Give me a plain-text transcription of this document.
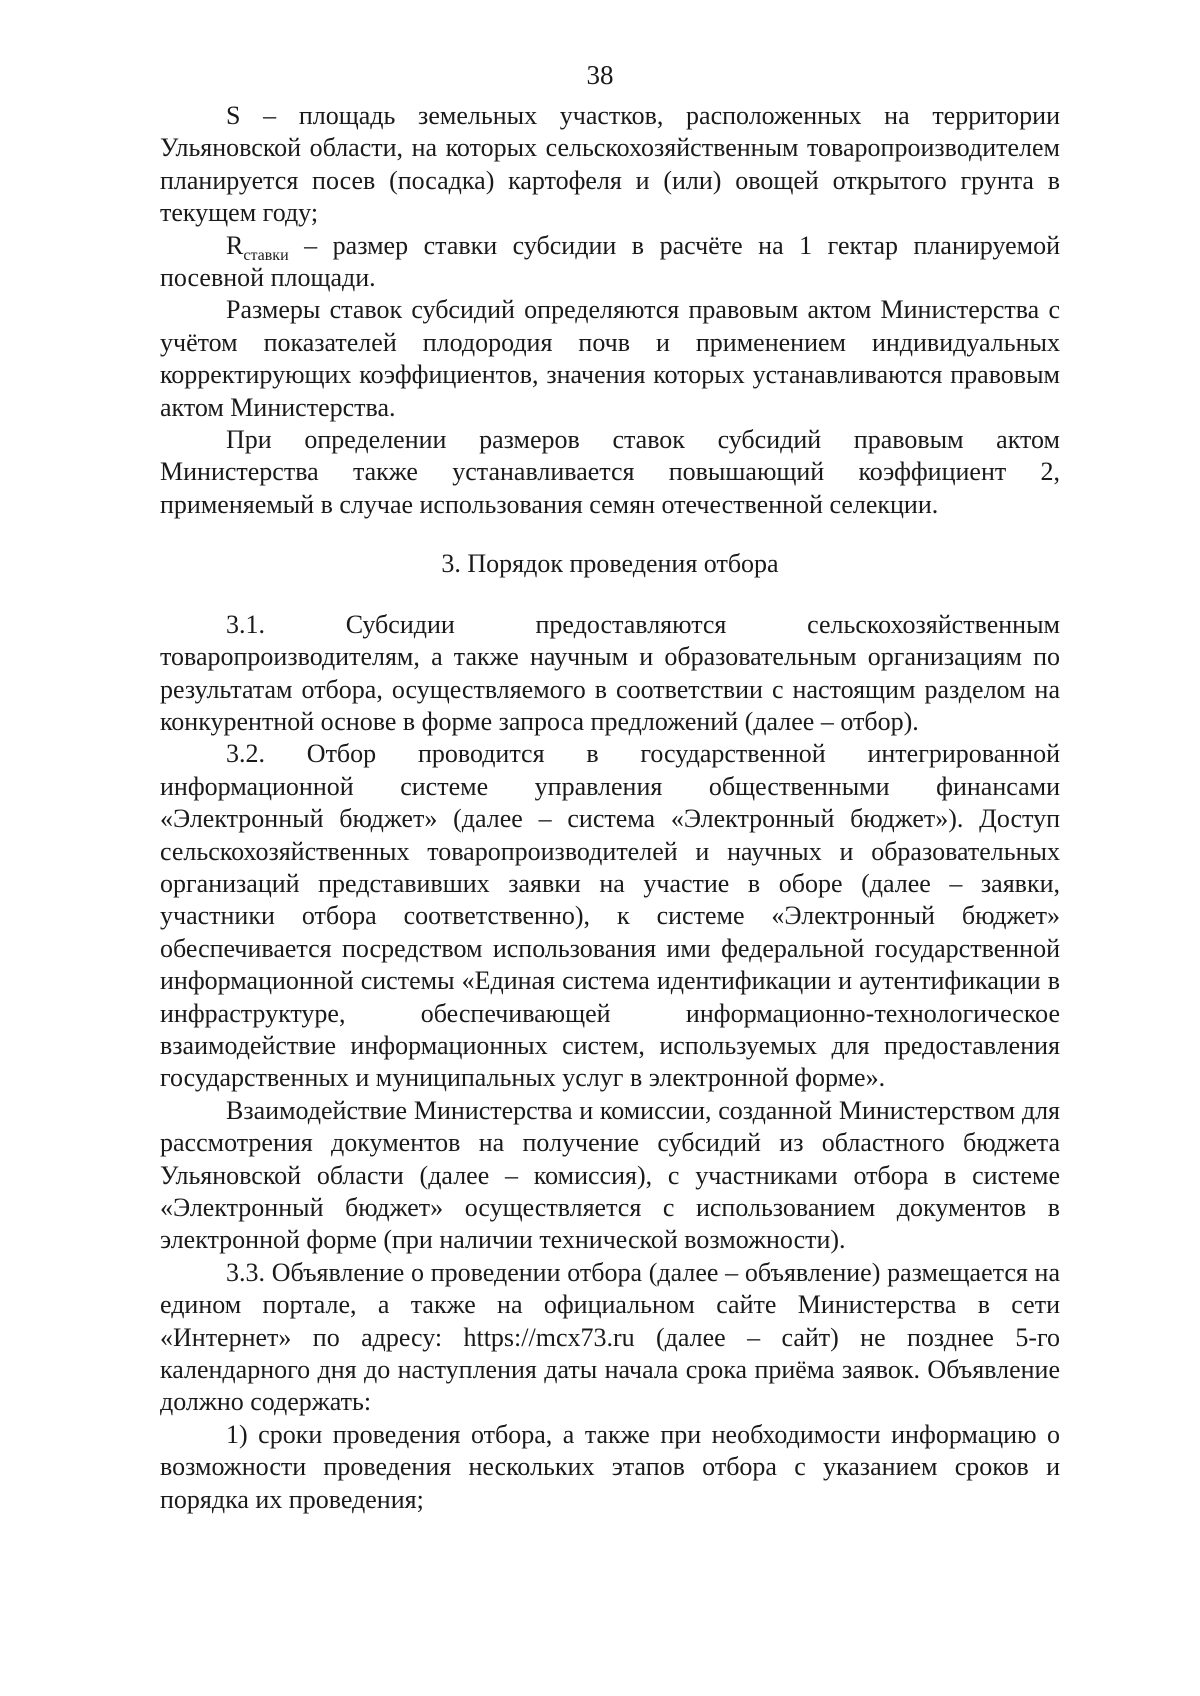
38

S – площадь земельных участков, расположенных на территории Ульяновской области, на которых сельскохозяйственным товаропроизводителем планируется посев (посадка) картофеля и (или) овощей открытого грунта в текущем году;

$R_{ставки}$ – размер ставки субсидии в расчёте на 1 гектар планируемой посевной площади.

Размеры ставок субсидий определяются правовым актом Министерства с учётом показателей плодородия почв и применением индивидуальных корректирующих коэффициентов, значения которых устанавливаются правовым актом Министерства.

При определении размеров ставок субсидий правовым актом Министерства также устанавливается повышающий коэффициент 2, применяемый в случае использования семян отечественной селекции.

3. Порядок проведения отбора

3.1. Субсидии предоставляются сельскохозяйственным товаропроизводителям, а также научным и образовательным организациям по результатам отбора, осуществляемого в соответствии с настоящим разделом на конкурентной основе в форме запроса предложений (далее – отбор).

3.2. Отбор проводится в государственной интегрированной информационной системе управления общественными финансами «Электронный бюджет» (далее – система «Электронный бюджет»). Доступ сельскохозяйственных товаропроизводителей и научных и образовательных организаций представивших заявки на участие в оборе (далее – заявки, участники отбора соответственно), к системе «Электронный бюджет» обеспечивается посредством использования ими федеральной государственной информационной системы «Единая система идентификации и аутентификации в инфраструктуре, обеспечивающей информационно-технологическое взаимодействие информационных систем, используемых для предоставления государственных и муниципальных услуг в электронной форме».

Взаимодействие Министерства и комиссии, созданной Министерством для рассмотрения документов на получение субсидий из областного бюджета Ульяновской области (далее – комиссия), с участниками отбора в системе «Электронный бюджет» осуществляется с использованием документов в электронной форме (при наличии технической возможности).

3.3. Объявление о проведении отбора (далее – объявление) размещается на едином портале, а также на официальном сайте Министерства в сети «Интернет» по адресу: https://mcx73.ru (далее – сайт) не позднее 5-го календарного дня до наступления даты начала срока приёма заявок. Объявление должно содержать:

1) сроки проведения отбора, а также при необходимости информацию о возможности проведения нескольких этапов отбора с указанием сроков и порядка их проведения;
